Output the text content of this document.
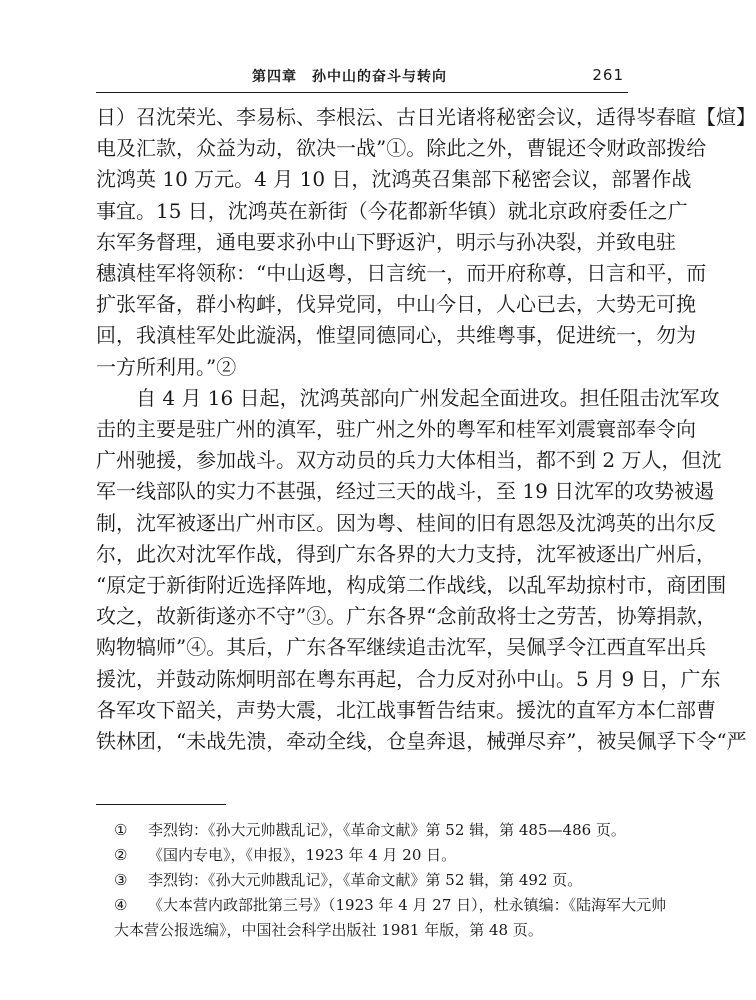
第四章　孙中山的奋斗与转向	261

日）召沈荣光、李易标、李根沄、古日光诸将秘密会议，适得岑春暄【煊】
电及汇款，众益为动，欲决一战”①。除此之外，曹锟还令财政部拨给
沈鸿英 10 万元。4 月 10 日，沈鸿英召集部下秘密会议，部署作战
事宜。15 日，沈鸿英在新街（今花都新华镇）就北京政府委任之广
东军务督理，通电要求孙中山下野返沪，明示与孙决裂，并致电驻
穗滇桂军将领称：“中山返粤，日言统一，而开府称尊，日言和平，而
扩张军备，群小构衅，伐异党同，中山今日，人心已去，大势无可挽
回，我滇桂军处此漩涡，惟望同德同心，共维粤事，促进统一，勿为
一方所利用。”②

自 4 月 16 日起，沈鸿英部向广州发起全面进攻。担任阻击沈军攻
击的主要是驻广州的滇军，驻广州之外的粤军和桂军刘震寰部奉令向
广州驰援，参加战斗。双方动员的兵力大体相当，都不到 2 万人，但沈
军一线部队的实力不甚强，经过三天的战斗，至 19 日沈军的攻势被遏
制，沈军被逐出广州市区。因为粤、桂间的旧有恩怨及沈鸿英的出尔反
尔，此次对沈军作战，得到广东各界的大力支持，沈军被逐出广州后，
“原定于新街附近选择阵地，构成第二作战线，以乱军劫掠村市，商团围
攻之，故新街遂亦不守”③。广东各界“念前敌将士之劳苦，协筹捐款，
购物犒师”④。其后，广东各军继续追击沈军，吴佩孚令江西直军出兵
援沈，并鼓动陈炯明部在粤东再起，合力反对孙中山。5 月 9 日，广东
各军攻下韶关，声势大震，北江战事暂告结束。援沈的直军方本仁部曹
铁林团，“未战先溃，牵动全线，仓皇奔退，械弹尽弃”，被吴佩孚下令“严

① 李烈钧：《孙大元帅戡乱记》，《革命文献》第 52 辑，第 485—486 页。
② 《国内专电》，《申报》，1923 年 4 月 20 日。
③ 李烈钧：《孙大元帅戡乱记》，《革命文献》第 52 辑，第 492 页。
④ 《大本营内政部批第三号》（1923 年 4 月 27 日），杜永镇编：《陆海军大元帅
大本营公报选编》，中国社会科学出版社 1981 年版，第 48 页。
